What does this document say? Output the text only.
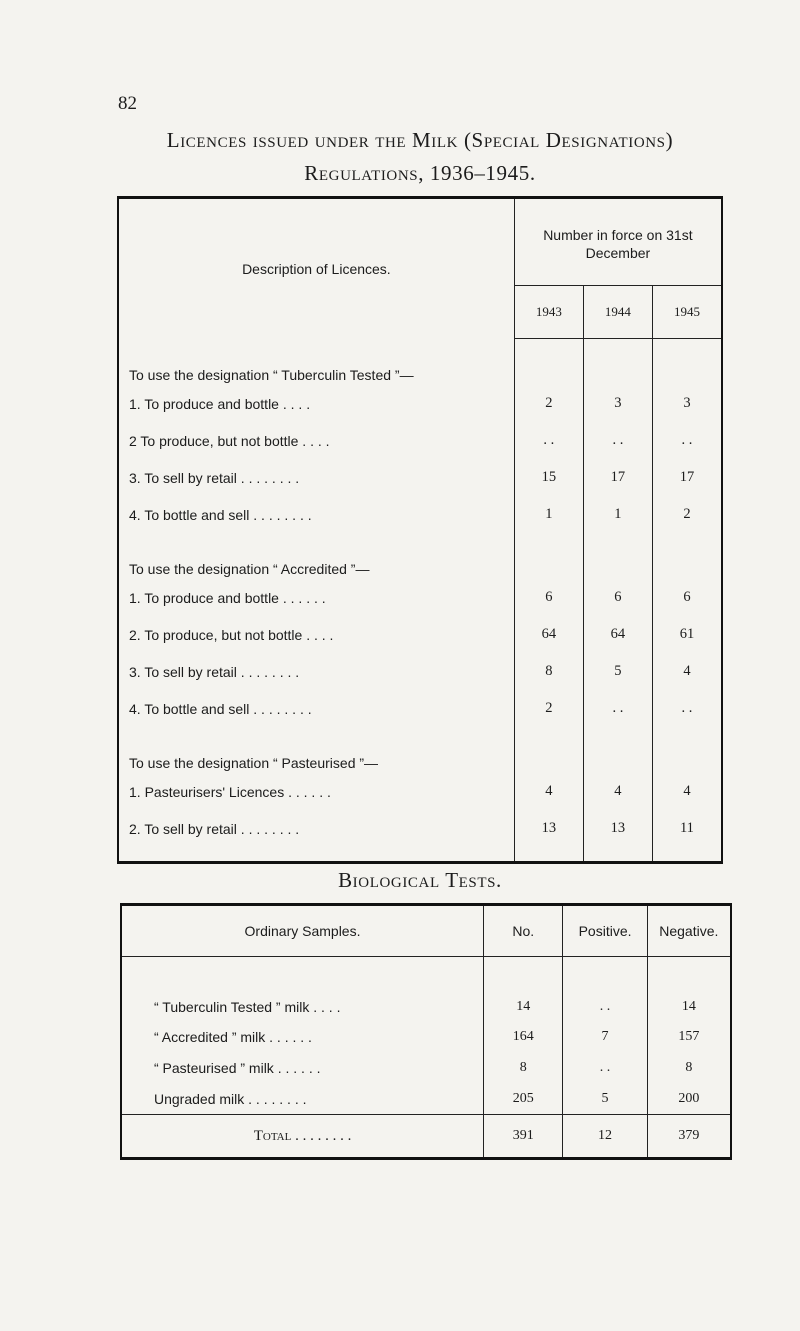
82
Licences issued under the Milk (Special Designations)
Regulations, 1936–1945.
Description of Licences.	Number in force on 31st December		
	1943	1944	1945
To use the designation “ Tuberculin Tested ”—			
1. To produce and bottle . . . .	2	3	3
2 To produce, but not bottle . . . .	. .	. .	. .
3. To sell by retail . . . . . . . .	15	17	17
4. To bottle and sell . . . . . . . .	1	1	2
To use the designation “ Accredited ”—			
1. To produce and bottle . . . . . .	6	6	6
2. To produce, but not bottle . . . .	64	64	61
3. To sell by retail . . . . . . . .	8	5	4
4. To bottle and sell . . . . . . . .	2	. .	. .
To use the designation “ Pasteurised ”—			
1. Pasteurisers' Licences . . . . . .	4	4	4
2. To sell by retail . . . . . . . .	13	13	11

Biological Tests.
Ordinary Samples.	No.	Positive.	Negative.
“ Tuberculin Tested ” milk . . . .	14	. .	14
“ Accredited ” milk . . . . . .	164	7	157
“ Pasteurised ” milk . . . . . .	8	. .	8
Ungraded milk . . . . . . . .	205	5	200
Total . . . . . . . .	391	12	379
